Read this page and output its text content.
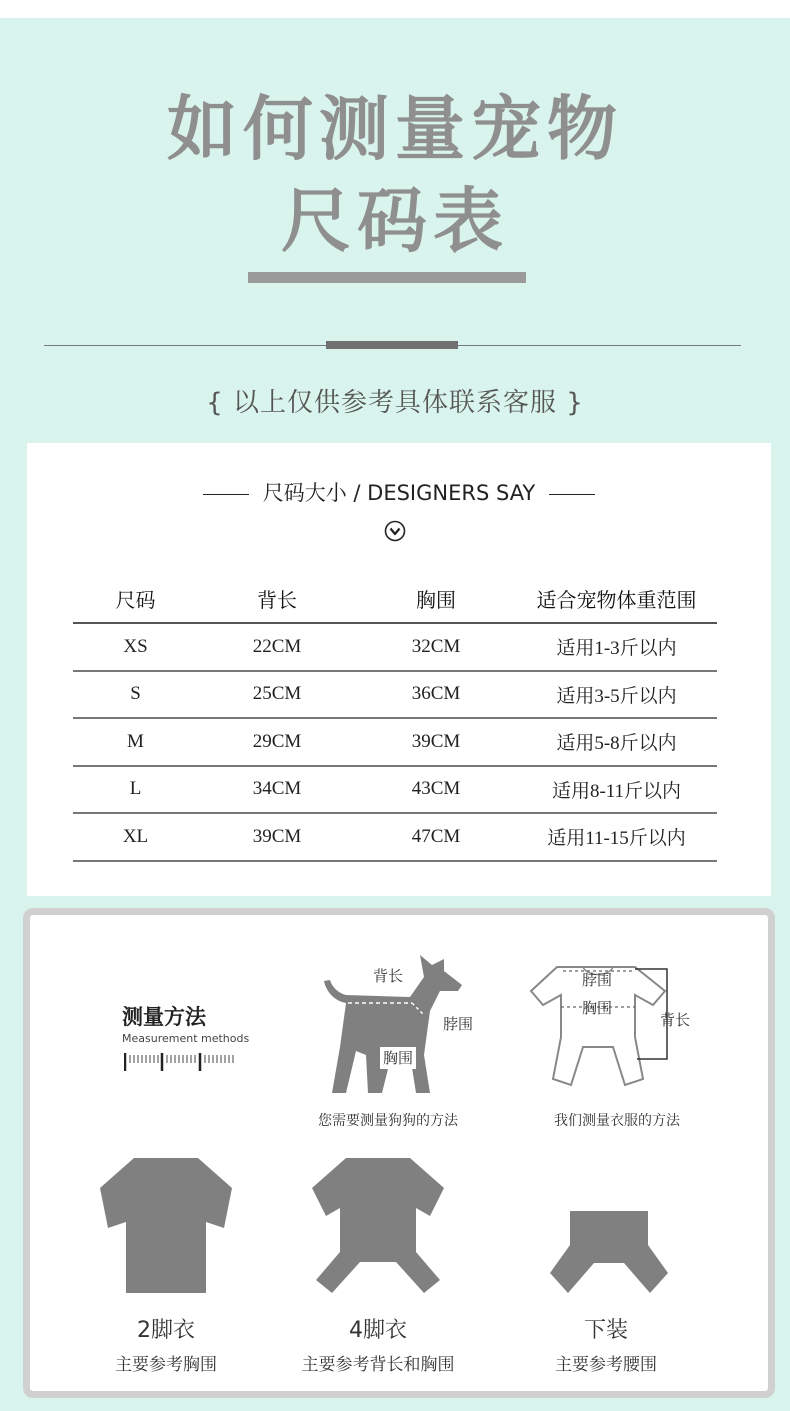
如何测量宠物
尺码表
{ 以上仅供参考具体联系客服 }
尺码大小 / DESIGNERS SAY
尺码	背长	胸围	适合宠物体重范围
XS	22CM	32CM	适用1-3斤以内
S	25CM	36CM	适用3-5斤以内
M	29CM	39CM	适用5-8斤以内
L	34CM	43CM	适用8-11斤以内
XL	39CM	47CM	适用11-15斤以内
测量方法
Measurement methods
背长
脖围
胸围
您需要测量狗狗的方法
脖围
胸围
背长
我们测量衣服的方法
2脚衣
主要参考胸围
4脚衣
主要参考背长和胸围
下装
主要参考腰围
